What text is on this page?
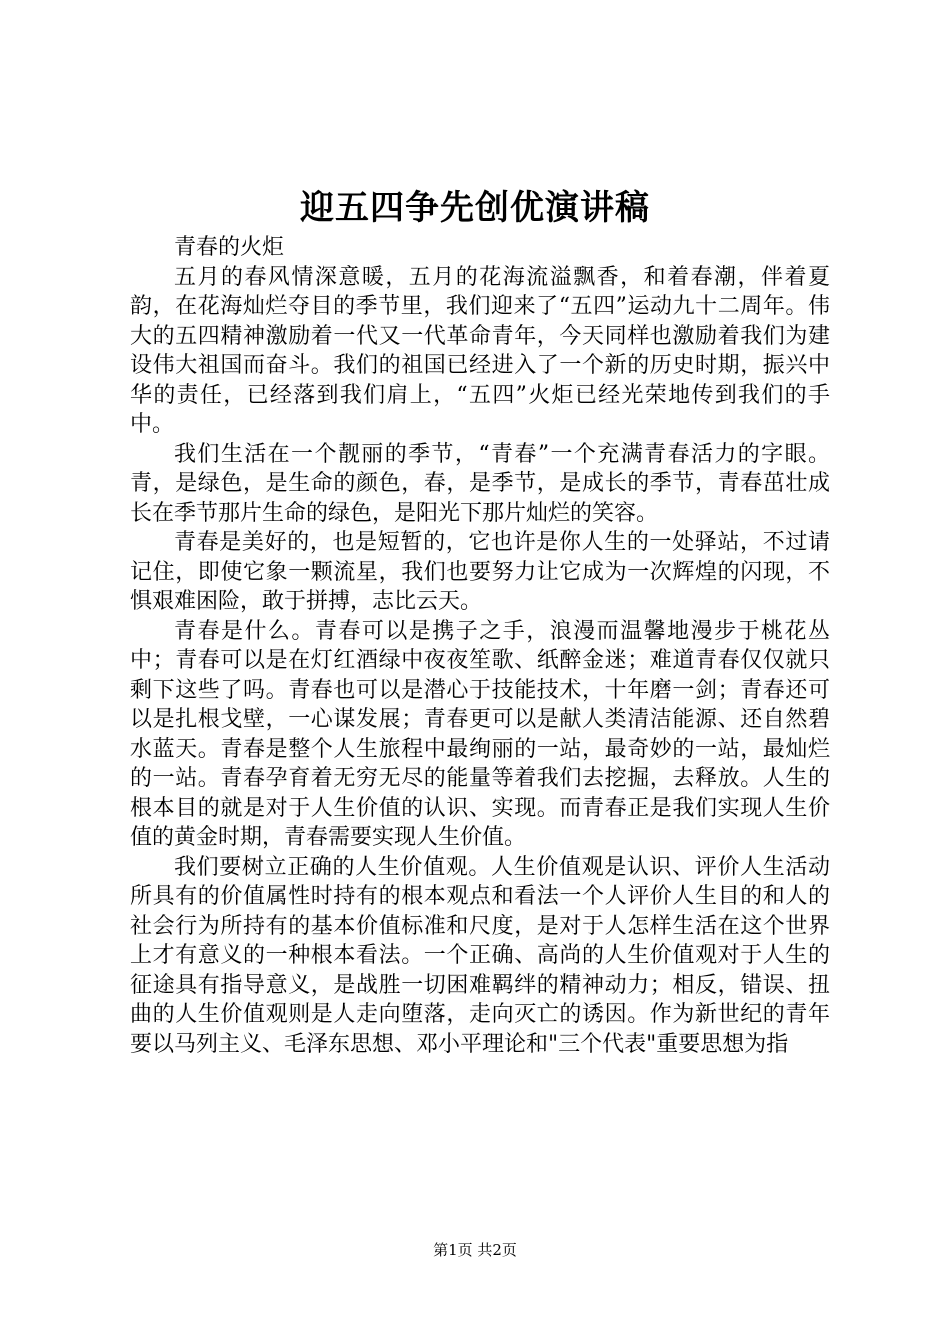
迎五四争先创优演讲稿

青春的火炬

五月的春风情深意暖，五月的花海流溢飘香，和着春潮，伴着夏韵，在花海灿烂夺目的季节里，我们迎来了“五四”运动九十二周年。伟大的五四精神激励着一代又一代革命青年，今天同样也激励着我们为建设伟大祖国而奋斗。我们的祖国已经进入了一个新的历史时期，振兴中华的责任，已经落到我们肩上，“五四”火炬已经光荣地传到我们的手中。

我们生活在一个靓丽的季节，“青春”一个充满青春活力的字眼。青，是绿色，是生命的颜色，春，是季节，是成长的季节，青春茁壮成长在季节那片生命的绿色，是阳光下那片灿烂的笑容。

青春是美好的，也是短暂的，它也许是你人生的一处驿站，不过请记住，即使它象一颗流星，我们也要努力让它成为一次辉煌的闪现，不惧艰难困险，敢于拼搏，志比云天。

青春是什么。青春可以是携子之手，浪漫而温馨地漫步于桃花丛中；青春可以是在灯红酒绿中夜夜笙歌、纸醉金迷；难道青春仅仅就只剩下这些了吗。青春也可以是潜心于技能技术，十年磨一剑；青春还可以是扎根戈壁，一心谋发展；青春更可以是献人类清洁能源、还自然碧水蓝天。青春是整个人生旅程中最绚丽的一站，最奇妙的一站，最灿烂的一站。青春孕育着无穷无尽的能量等着我们去挖掘，去释放。人生的根本目的就是对于人生价值的认识、实现。而青春正是我们实现人生价值的黄金时期，青春需要实现人生价值。

我们要树立正确的人生价值观。人生价值观是认识、评价人生活动所具有的价值属性时持有的根本观点和看法一个人评价人生目的和人的社会行为所持有的基本价值标准和尺度，是对于人怎样生活在这个世界上才有意义的一种根本看法。一个正确、高尚的人生价值观对于人生的征途具有指导意义，是战胜一切困难羁绊的精神动力；相反，错误、扭曲的人生价值观则是人走向堕落，走向灭亡的诱因。作为新世纪的青年要以马列主义、毛泽东思想、邓小平理论和"三个代表"重要思想为指

第1页 共2页
